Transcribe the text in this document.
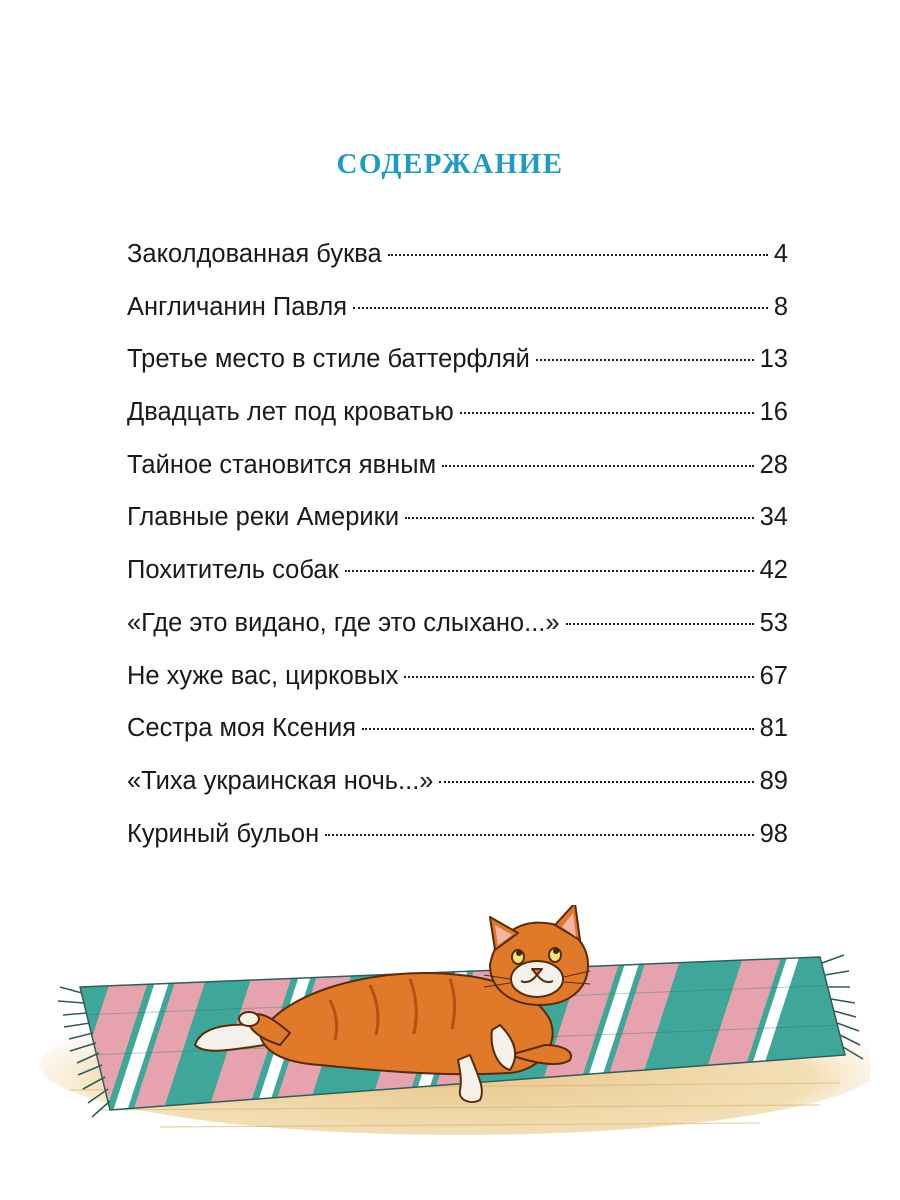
СОДЕРЖАНИЕ
Заколдованная буква	4
Англичанин Павля	8
Третье место в стиле баттерфляй	13
Двадцать лет под кроватью	16
Тайное становится явным	28
Главные реки Америки	34
Похититель собак	42
«Где это видано, где это слыхано...»	53
Не хуже вас, цирковых	67
Сестра моя Ксения	81
«Тиха украинская ночь...»	89
Куриный бульон	98
